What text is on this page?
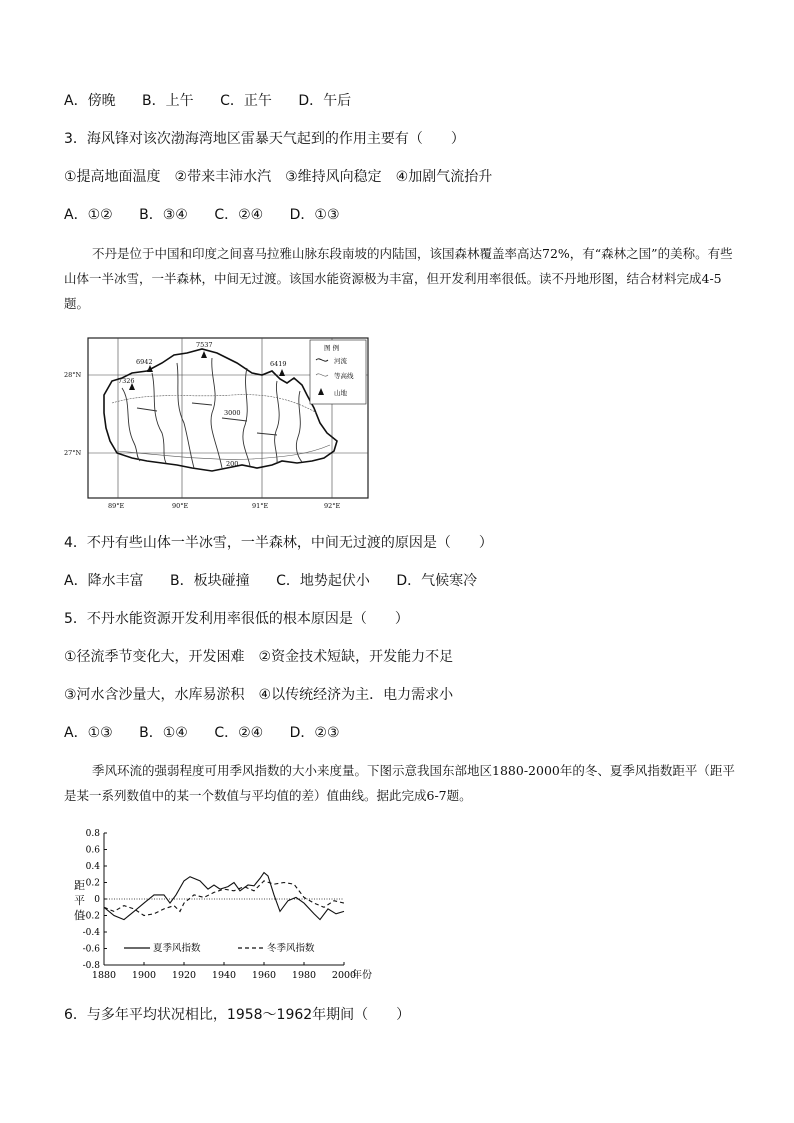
A．傍晚 B．上午 C．正午 D．午后
3．海风锋对该次渤海湾地区雷暴天气起到的作用主要有（　　）
①提高地面温度　②带来丰沛水汽　③维持风向稳定　④加剧气流抬升
A．①② B．③④ C．②④ D．①③
不丹是位于中国和印度之间喜马拉雅山脉东段南坡的内陆国，该国森林覆盖率高达72%，有“森林之国”的美称。有些山体一半冰雪，一半森林，中间无过渡。该国水能资源极为丰富，但开发利用率很低。读不丹地形图，结合材料完成4-5题。
28°N
27°N
89°E	90°E	91°E	92°E
7537
6942
7326
6419
3000
200
图 例
河流
等高线
山地
4．不丹有些山体一半冰雪，一半森林，中间无过渡的原因是（　　）
A．降水丰富 B．板块碰撞 C．地势起伏小 D．气候寒冷
5．不丹水能资源开发利用率很低的根本原因是（　　）
①径流季节变化大，开发困难　②资金技术短缺，开发能力不足
③河水含沙量大，水库易淤积　④以传统经济为主．电力需求小
A．①③ B．①④ C．②④ D．②③
季风环流的强弱程度可用季风指数的大小来度量。下图示意我国东部地区1880-2000年的冬、夏季风指数距平（距平是某一系列数值中的某一个数值与平均值的差）值曲线。据此完成6-7题。
0.8
0.6
0.4
0.2
0
-0.2
-0.4
-0.6
-0.8
1880 1900 1920 1940 1960 1980 2000
距
平
值
年份
夏季风指数	冬季风指数
6．与多年平均状况相比，1958～1962年期间（　　）
